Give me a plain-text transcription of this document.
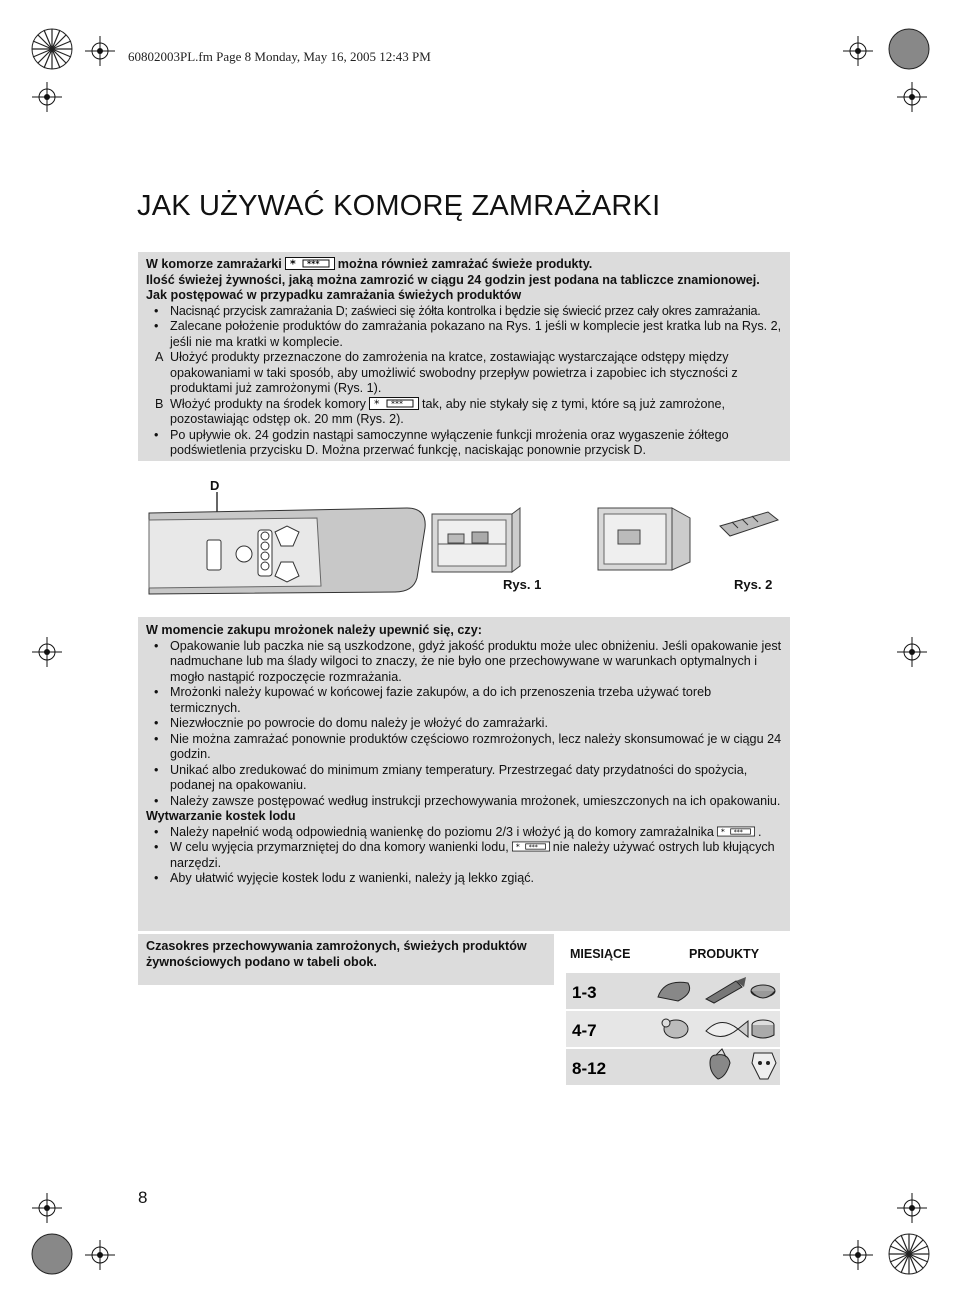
60802003PL.fm Page 8 Monday, May 16, 2005 12:43 PM
JAK UŻYWAĆ KOMORĘ ZAMRAŻARKI

W komorze zamrażarki * *** można również zamrażać świeże produkty.

Ilość świeżej żywności, jaką można zamrozić w ciągu 24 godzin jest podana na tabliczce znamionowej.

Jak postępować w przypadku zamrażania świeżych produktów

• Nacisnąć przycisk zamrażania D; zaświeci się żółta kontrolka i będzie się świecić przez cały okres zamrażania.

• Zalecane położenie produktów do zamrażania pokazano na Rys. 1 jeśli w komplecie jest kratka lub na Rys. 2, jeśli nie ma kratki w komplecie.

A Ułożyć produkty przeznaczone do zamrożenia na kratce, zostawiając wystarczające odstępy między opakowaniami w taki sposób, aby umożliwić swobodny przepływ powietrza i zapobiec ich styczności z produktami już zamrożonymi (Rys. 1).

B Włożyć produkty na środek komory * *** tak, aby nie stykały się z tymi, które są już zamrożone, pozostawiając odstęp ok. 20 mm (Rys. 2).

• Po upływie ok. 24 godzin nastąpi samoczynne wyłączenie funkcji mrożenia oraz wygaszenie żółtego podświetlenia przycisku D. Można przerwać funkcję, naciskając ponownie przycisk D.

D
Rys. 1	Rys. 2

W momencie zakupu mrożonek należy upewnić się, czy:

• Opakowanie lub paczka nie są uszkodzone, gdyż jakość produktu może ulec obniżeniu. Jeśli opakowanie jest nadmuchane lub ma ślady wilgoci to znaczy, że nie było one przechowywane w warunkach optymalnych i mogło nastąpić rozpoczęcie rozmrażania.

• Mrożonki należy kupować w końcowej fazie zakupów, a do ich przenoszenia trzeba używać toreb termicznych.

• Niezwłocznie po powrocie do domu należy je włożyć do zamrażarki.

• Nie można zamrażać ponownie produktów częściowo rozmrożonych, lecz należy skonsumować je w ciągu 24 godzin.

• Unikać albo zredukować do minimum zmiany temperatury. Przestrzegać daty przydatności do spożycia, podanej na opakowaniu.

• Należy zawsze postępować według instrukcji przechowywania mrożonek, umieszczonych na ich opakowaniu.

Wytwarzanie kostek lodu

• Należy napełnić wodą odpowiednią wanienkę do poziomu 2/3 i włożyć ją do komory zamrażalnika * *** .

• W celu wyjęcia przymarzniętej do dna komory wanienki lodu, * *** nie należy używać ostrych lub kłujących narzędzi.

• Aby ułatwić wyjęcie kostek lodu z wanienki, należy ją lekko zgiąć.

Czasokres przechowywania zamrożonych, świeżych produktów żywnościowych podano w tabeli obok.
MIESIĄCE	PRODUKTY
1-3
4-7
8-12
8
